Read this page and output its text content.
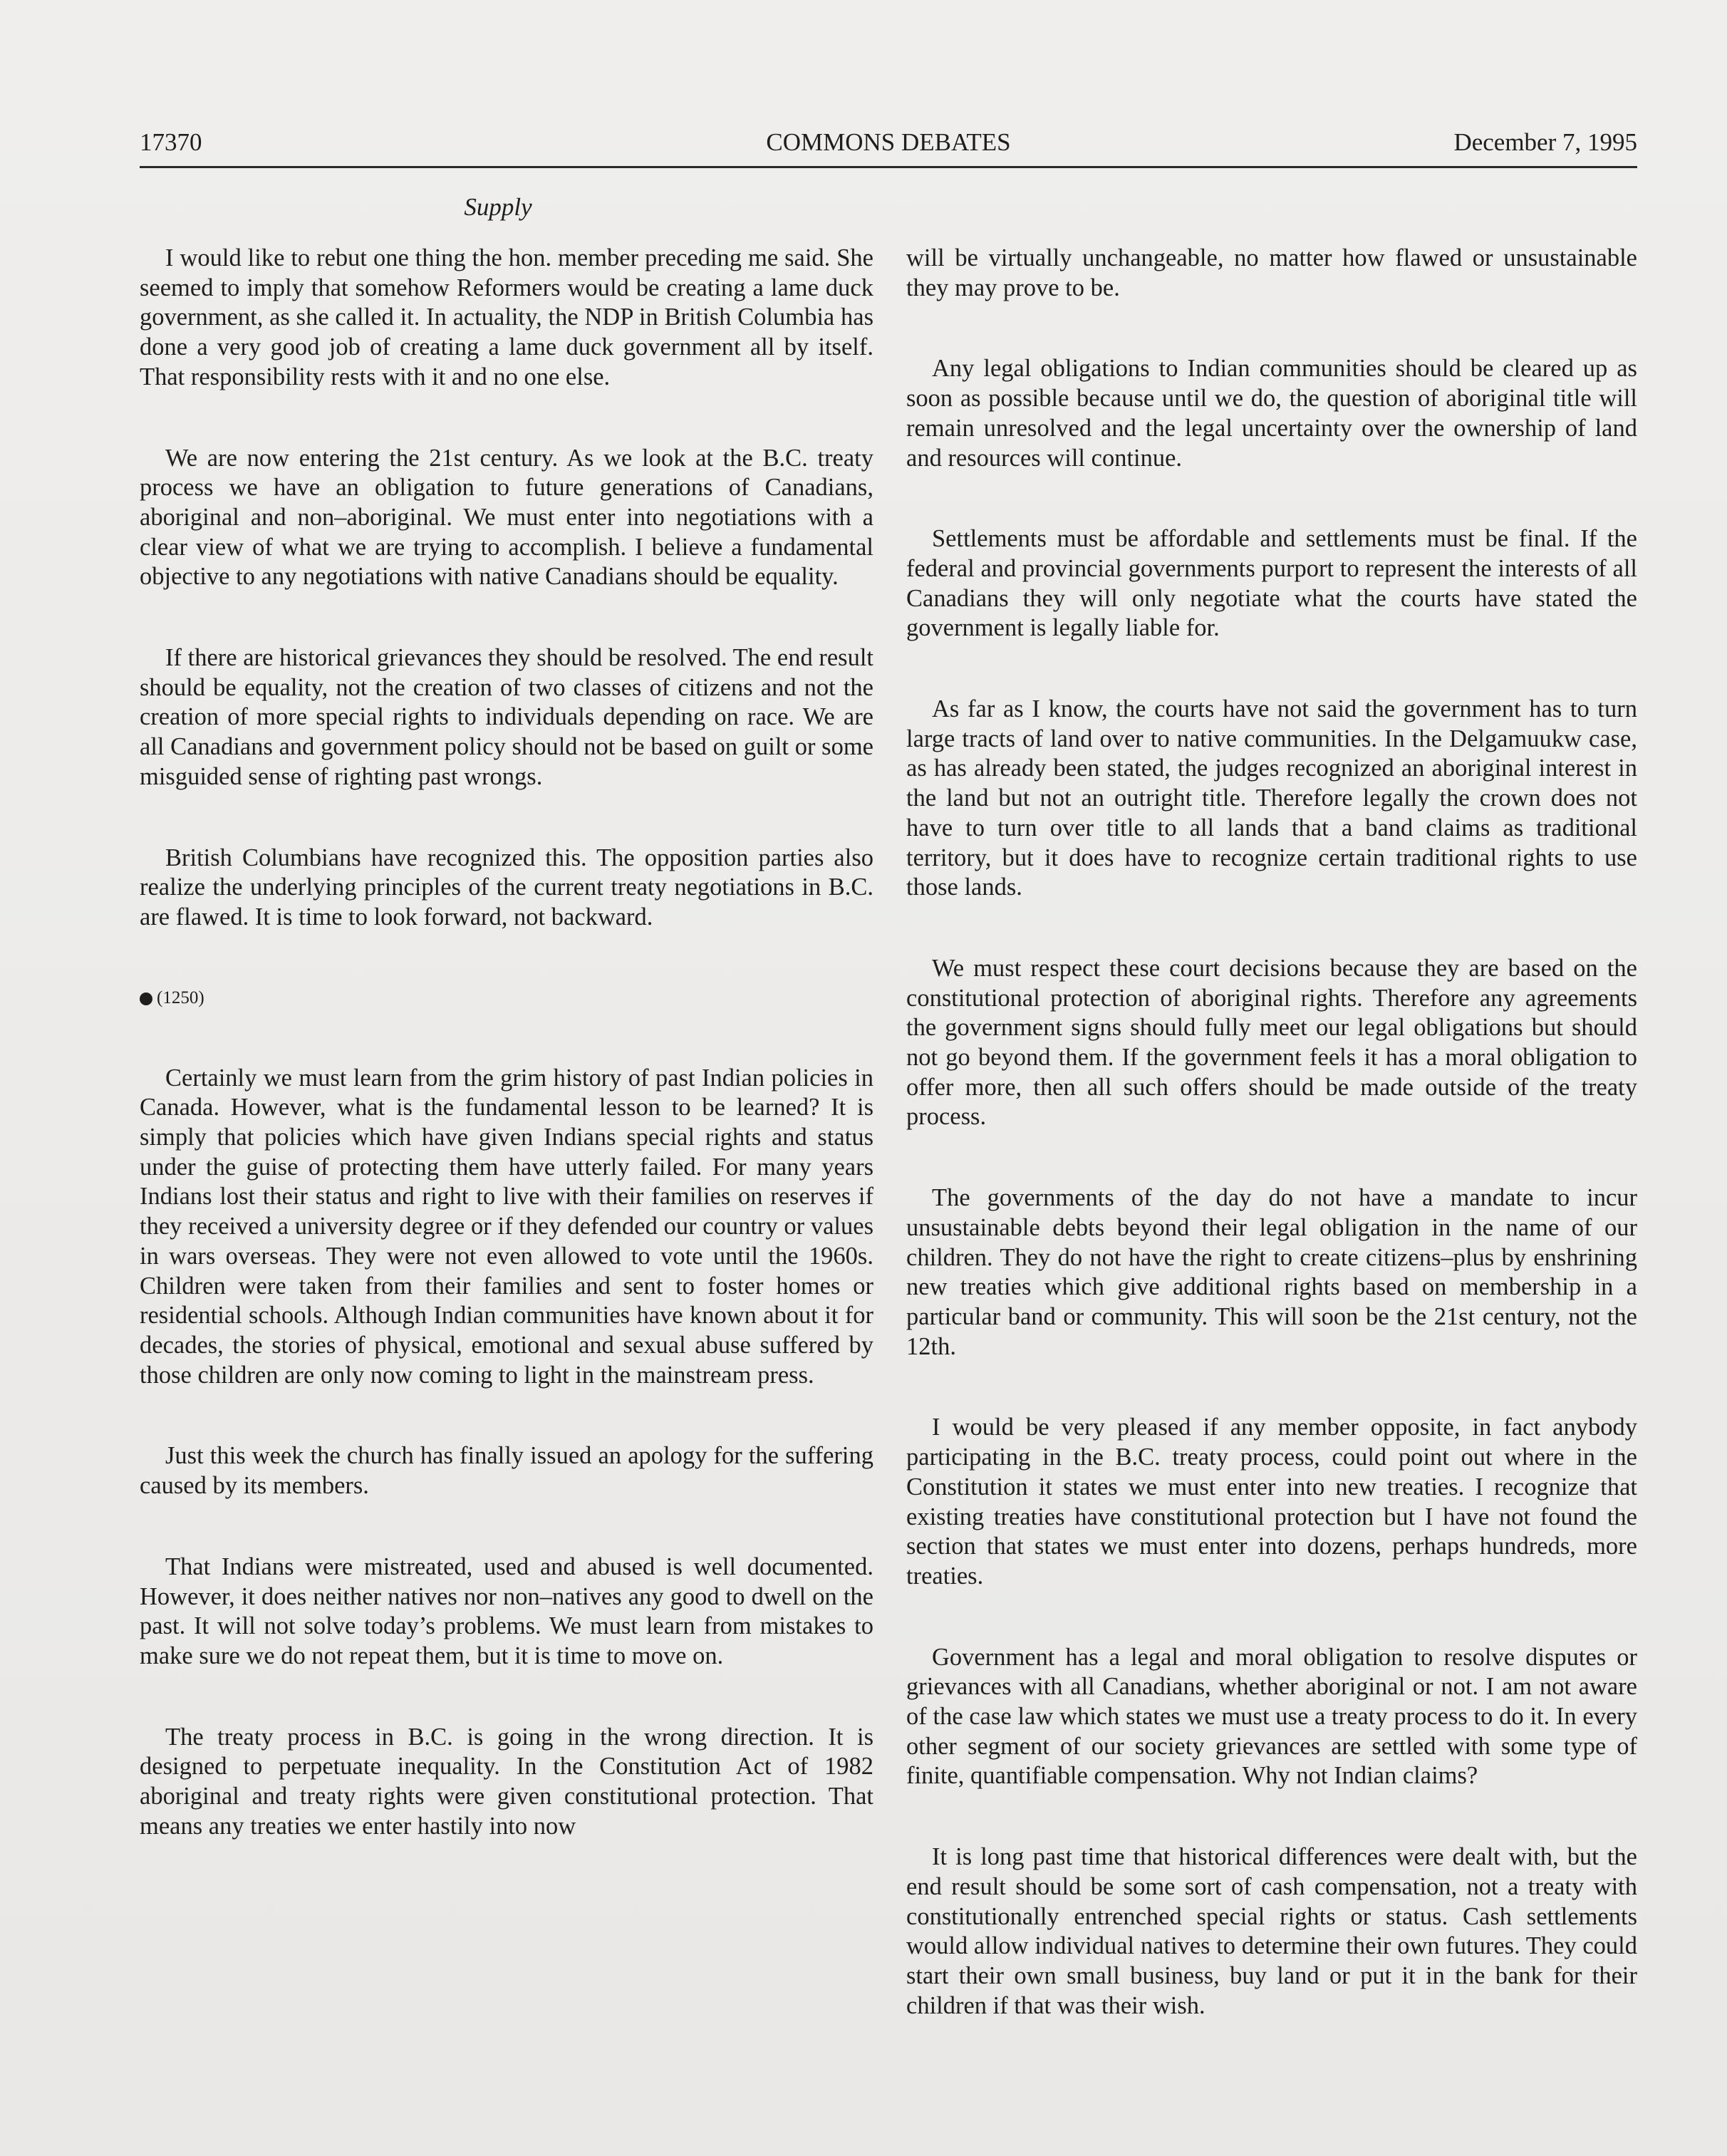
17370	COMMONS DEBATES	December 7, 1995
Supply

I would like to rebut one thing the hon. member preceding me said. She seemed to imply that somehow Reformers would be creating a lame duck government, as she called it. In actuality, the NDP in British Columbia has done a very good job of creating a lame duck government all by itself. That responsibility rests with it and no one else.

We are now entering the 21st century. As we look at the B.C. treaty process we have an obligation to future generations of Canadians, aboriginal and non–aboriginal. We must enter into negotiations with a clear view of what we are trying to accomplish. I believe a fundamental objective to any negotiations with native Canadians should be equality.

If there are historical grievances they should be resolved. The end result should be equality, not the creation of two classes of citizens and not the creation of more special rights to individuals depending on race. We are all Canadians and government policy should not be based on guilt or some misguided sense of righting past wrongs.

British Columbians have recognized this. The opposition parties also realize the underlying principles of the current treaty negotiations in B.C. are flawed. It is time to look forward, not backward.

(1250)

Certainly we must learn from the grim history of past Indian policies in Canada. However, what is the fundamental lesson to be learned? It is simply that policies which have given Indians special rights and status under the guise of protecting them have utterly failed. For many years Indians lost their status and right to live with their families on reserves if they received a university degree or if they defended our country or values in wars overseas. They were not even allowed to vote until the 1960s. Children were taken from their families and sent to foster homes or residential schools. Although Indian communities have known about it for decades, the stories of physical, emotional and sexual abuse suffered by those children are only now coming to light in the mainstream press.

Just this week the church has finally issued an apology for the suffering caused by its members.

That Indians were mistreated, used and abused is well documented. However, it does neither natives nor non–natives any good to dwell on the past. It will not solve today’s problems. We must learn from mistakes to make sure we do not repeat them, but it is time to move on.

The treaty process in B.C. is going in the wrong direction. It is designed to perpetuate inequality. In the Constitution Act of 1982 aboriginal and treaty rights were given constitutional protection. That means any treaties we enter hastily into now

will be virtually unchangeable, no matter how flawed or unsustainable they may prove to be.

Any legal obligations to Indian communities should be cleared up as soon as possible because until we do, the question of aboriginal title will remain unresolved and the legal uncertainty over the ownership of land and resources will continue.

Settlements must be affordable and settlements must be final. If the federal and provincial governments purport to represent the interests of all Canadians they will only negotiate what the courts have stated the government is legally liable for.

As far as I know, the courts have not said the government has to turn large tracts of land over to native communities. In the Delgamuukw case, as has already been stated, the judges recognized an aboriginal interest in the land but not an outright title. Therefore legally the crown does not have to turn over title to all lands that a band claims as traditional territory, but it does have to recognize certain traditional rights to use those lands.

We must respect these court decisions because they are based on the constitutional protection of aboriginal rights. Therefore any agreements the government signs should fully meet our legal obligations but should not go beyond them. If the government feels it has a moral obligation to offer more, then all such offers should be made outside of the treaty process.

The governments of the day do not have a mandate to incur unsustainable debts beyond their legal obligation in the name of our children. They do not have the right to create citizens–plus by enshrining new treaties which give additional rights based on membership in a particular band or community. This will soon be the 21st century, not the 12th.

I would be very pleased if any member opposite, in fact anybody participating in the B.C. treaty process, could point out where in the Constitution it states we must enter into new treaties. I recognize that existing treaties have constitutional protection but I have not found the section that states we must enter into dozens, perhaps hundreds, more treaties.

Government has a legal and moral obligation to resolve disputes or grievances with all Canadians, whether aboriginal or not. I am not aware of the case law which states we must use a treaty process to do it. In every other segment of our society grievances are settled with some type of finite, quantifiable compensation. Why not Indian claims?

It is long past time that historical differences were dealt with, but the end result should be some sort of cash compensation, not a treaty with constitutionally entrenched special rights or status. Cash settlements would allow individual natives to determine their own futures. They could start their own small business, buy land or put it in the bank for their children if that was their wish.
